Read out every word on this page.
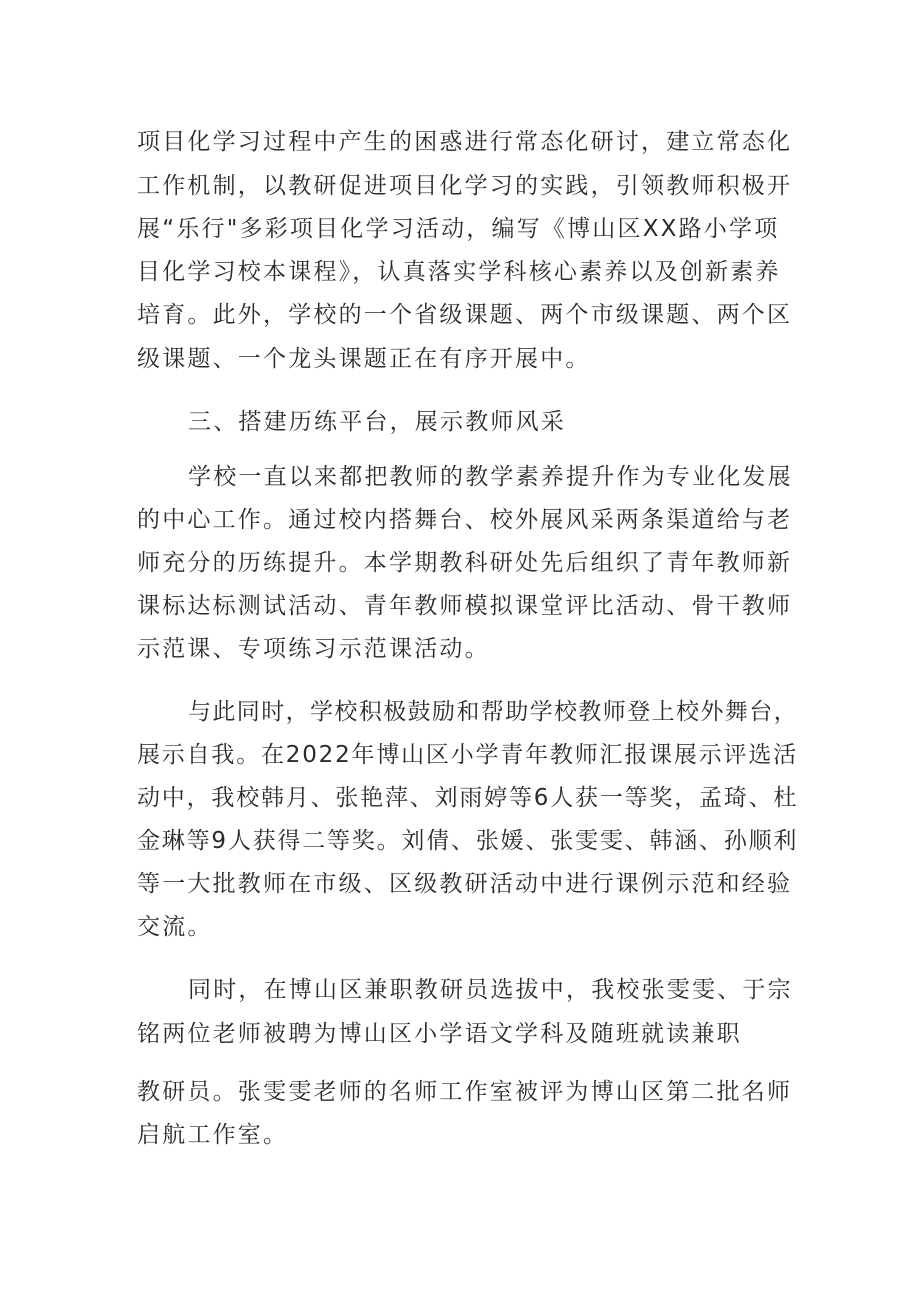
项目化学习过程中产生的困惑进行常态化研讨，建立常态化
工作机制，以教研促进项目化学习的实践，引领教师积极开
展“乐行"多彩项目化学习活动，编写《博山区XX路小学项
目化学习校本课程》，认真落实学科核心素养以及创新素养
培育。此外，学校的一个省级课题、两个市级课题、两个区
级课题、一个龙头课题正在有序开展中。
三、搭建历练平台，展示教师风采
学校一直以来都把教师的教学素养提升作为专业化发展
的中心工作。通过校内搭舞台、校外展风采两条渠道给与老
师充分的历练提升。本学期教科研处先后组织了青年教师新
课标达标测试活动、青年教师模拟课堂评比活动、骨干教师
示范课、专项练习示范课活动。
与此同时，学校积极鼓励和帮助学校教师登上校外舞台，
展示自我。在2022年博山区小学青年教师汇报课展示评选活
动中，我校韩月、张艳萍、刘雨婷等6人获一等奖，孟琦、杜
金琳等9人获得二等奖。刘倩、张媛、张雯雯、韩涵、孙顺利
等一大批教师在市级、区级教研活动中进行课例示范和经验
交流。
同时，在博山区兼职教研员选拔中，我校张雯雯、于宗
铭两位老师被聘为博山区小学语文学科及随班就读兼职
教研员。张雯雯老师的名师工作室被评为博山区第二批名师
启航工作室。
